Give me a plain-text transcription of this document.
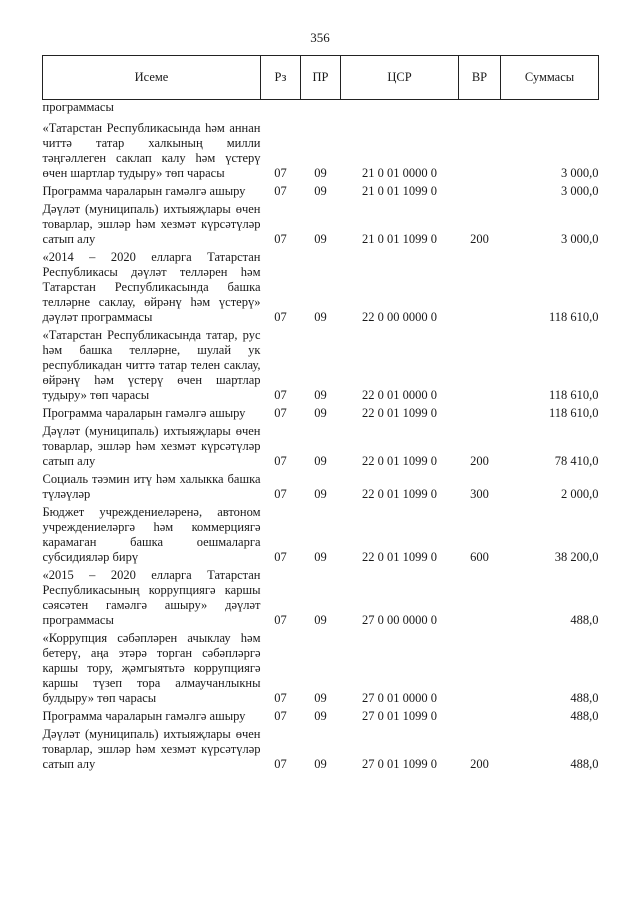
356
Исеме	Рз	ПР	ЦСР	ВР	Суммасы
программасы					
«Татарстан Республикасында һәм аннан читтә татар халкының милли тәңгәллеген саклап калу һәм үстерү өчен шартлар тудыру» төп чарасы	07	09	21 0 01 0000 0		3 000,0
Программа чараларын гамәлгә ашыру	07	09	21 0 01 1099 0		3 000,0
Дәүләт (муниципаль) ихтыяҗлары өчен товарлар, эшләр һәм хезмәт күрсәтүләр сатып алу	07	09	21 0 01 1099 0	200	3 000,0
«2014 – 2020 елларга Татарстан Республикасы дәүләт телләрен һәм Татарстан Республикасында башка телләрне саклау, өйрәнү һәм үстерү» дәүләт программасы	07	09	22 0 00 0000 0		118 610,0
«Татарстан Республикасында татар, рус һәм башка телләрне, шулай ук республикадан читтә татар телен саклау, өйрәнү һәм үстерү өчен шартлар тудыру» төп чарасы	07	09	22 0 01 0000 0		118 610,0
Программа чараларын гамәлгә ашыру	07	09	22 0 01 1099 0		118 610,0
Дәүләт (муниципаль) ихтыяҗлары өчен товарлар, эшләр һәм хезмәт күрсәтүләр сатып алу	07	09	22 0 01 1099 0	200	78 410,0
Социаль тәэмин итү һәм халыкка башка түләүләр	07	09	22 0 01 1099 0	300	2 000,0
Бюджет учреждениеләренә, автоном учреждениеләргә һәм коммерциягә карамаган башка оешмаларга субсидияләр бирү	07	09	22 0 01 1099 0	600	38 200,0
«2015 – 2020 елларга Татарстан Республикасының коррупциягә каршы сәясәтен гамәлгә ашыру» дәүләт программасы	07	09	27 0 00 0000 0		488,0
«Коррупция сәбәпләрен ачыклау һәм бетерү, аңа этәрә торган сәбәпләргә каршы тору, җәмгыятьтә коррупциягә каршы түзеп тора алмаучанлыкны булдыру» төп чарасы	07	09	27 0 01 0000 0		488,0
Программа чараларын гамәлгә ашыру	07	09	27 0 01 1099 0		488,0
Дәүләт (муниципаль) ихтыяҗлары өчен товарлар, эшләр һәм хезмәт күрсәтүләр сатып алу	07	09	27 0 01 1099 0	200	488,0
